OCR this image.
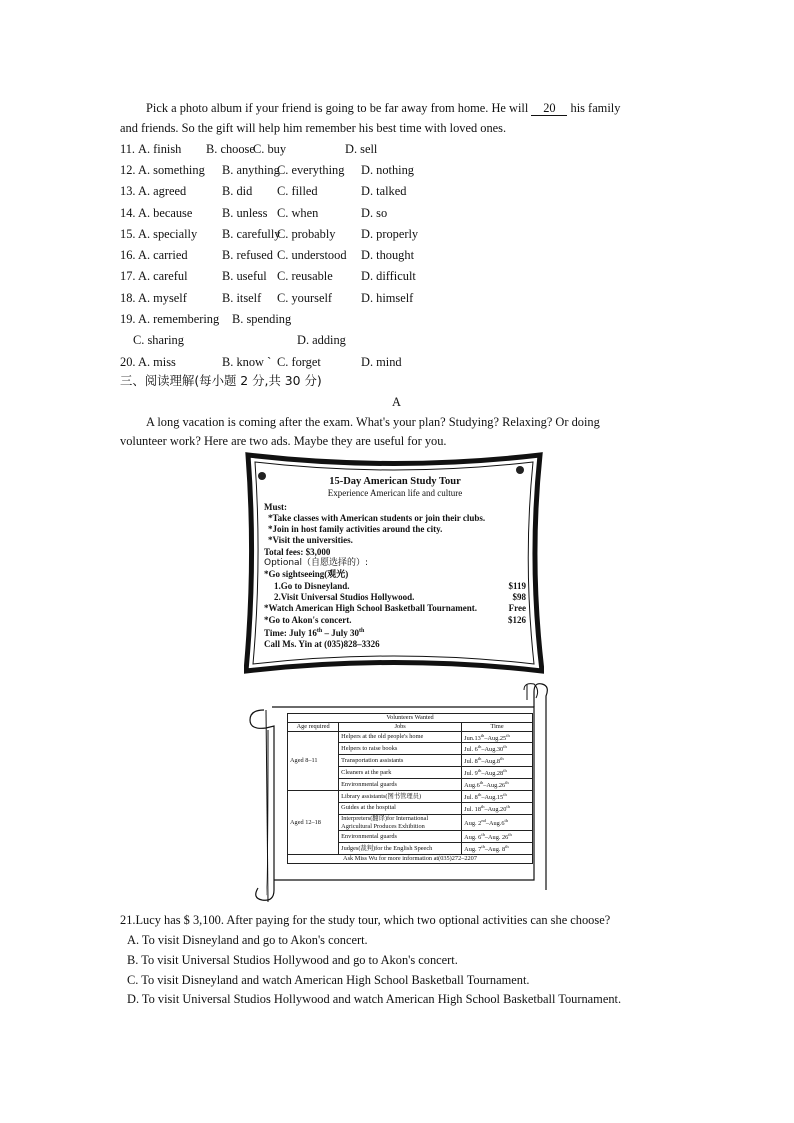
Pick a photo album if your friend is going to be far away from home. He will 20 his family
and friends. So the gift will help him remember his best time with loved ones.
11. A. finish B. choose
C. buy	D. sell
12. A. something B. anything
C. everything D. nothing
13. A. agreed	B. did C. filled	D. talked
14. A. because B. unless C. when	D. so
15. A. specially B. carefully
C. probably D. properly
16. A. carried	B. refused C. understood D. thought
17. A. careful	B. useful C. reusable D. difficult
18. A. myself	B. itself C. yourself D. himself
19. A. remembering B. spending
C. sharing	D. adding
20. A. miss	B. know ` C. forget	D. mind
三、阅读理解(每小题 2 分,共 30 分)
A
A long vacation is coming after the exam. What's your plan? Studying? Relaxing? Or doing
volunteer work? Here are two ads. Maybe they are useful for you.
15-Day American Study Tour
Experience American life and culture
Must:
*Take classes with American students or join their clubs.
*Join in host family activities around the city.
*Visit the universities.
Total fees: $3,000
Optional（自愿选择的）:
*Go sightseeing(观光)
1.Go to Disneyland.	$119
2.Visit Universal Studios Hollywood.	$98
*Watch American High School Basketball Tournament.	Free
*Go to Akon's concert.	$126
Time: July 16th – July 30th
Call Ms. Yin at (035)828–3326
Volunteers Wanted		
Age required	Jobs	Time
Aged 8–11	Helpers at the old people's home	Jun.13th–Aug.25th
	Helpers to raise books	Jul. 6th–Aug.30th
	Transportation assistants	Jul. 8th–Aug.8th
	Cleaners at the park	Jul. 9th–Aug.28th
	Environmental guards	Aug.6th–Aug.26th
Aged 12–18	Library assistants(图书管理员)	Jul. 8th–Aug.15th
	Guides at the hospital	Jul. 18th–Aug.20th
	Interpreters(翻译)for International Agricultural Produces Exhibition	Aug. 2nd–Aug.6th
	Environmental guards	Aug. 6th–Aug. 26th
	Judges(裁判)for the English Speech	Aug. 7th–Aug. 8th
Ask Miss Wu for more information at(035)272–2207		
21.Lucy has $ 3,100. After paying for the study tour, which two optional activities can she choose?
A. To visit Disneyland and go to Akon's concert.
B. To visit Universal Studios Hollywood and go to Akon's concert.
C. To visit Disneyland and watch American High School Basketball Tournament.
D. To visit Universal Studios Hollywood and watch American High School Basketball Tournament.
